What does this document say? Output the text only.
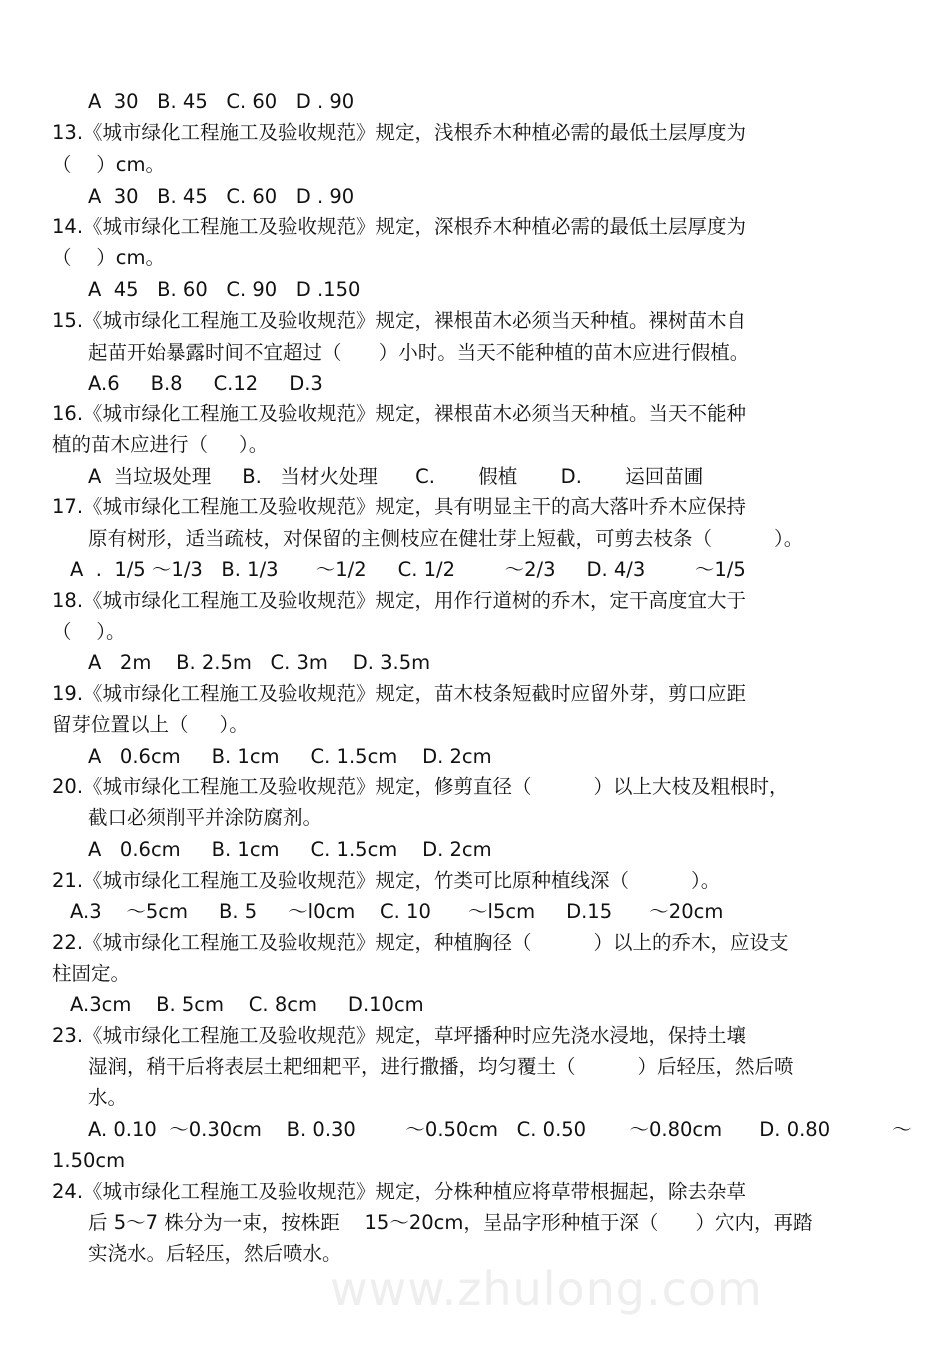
A  30   B. 45   C. 60   D . 90
13.《城市绿化工程施工及验收规范》规定，浅根乔木种植必需的最低土层厚度为
（    ）cm。
A  30   B. 45   C. 60   D . 90
14.《城市绿化工程施工及验收规范》规定，深根乔木种植必需的最低土层厚度为
（    ）cm。
A  45   B. 60   C. 90   D .150
15.《城市绿化工程施工及验收规范》规定，裸根苗木必须当天种植。裸树苗木自
起苗开始暴露时间不宜超过（      ）小时。当天不能种植的苗木应进行假植。
A.6     B.8     C.12     D.3
16.《城市绿化工程施工及验收规范》规定，裸根苗木必须当天种植。当天不能种
植的苗木应进行（     ）。
A  当垃圾处理     B.   当材火处理      C.       假植       D.       运回苗圃
17.《城市绿化工程施工及验收规范》规定，具有明显主干的高大落叶乔木应保持
原有树形，适当疏枝，对保留的主侧枝应在健壮芽上短截，可剪去枝条（          ）。
A  .  1/5 ～1/3   B. 1/3      ～1/2     C. 1/2        ～2/3     D. 4/3        ～1/5
18.《城市绿化工程施工及验收规范》规定，用作行道树的乔木，定干高度宜大于
（    ）。
A   2m    B. 2.5m   C. 3m    D. 3.5m
19.《城市绿化工程施工及验收规范》规定，苗木枝条短截时应留外芽，剪口应距
留芽位置以上（     ）。
A   0.6cm     B. 1cm     C. 1.5cm    D. 2cm
20.《城市绿化工程施工及验收规范》规定，修剪直径（          ）以上大枝及粗根时，
截口必须削平并涂防腐剂。
A   0.6cm     B. 1cm     C. 1.5cm    D. 2cm
21.《城市绿化工程施工及验收规范》规定，竹类可比原种植线深（          ）。
A.3    ～5cm     B. 5     ～l0cm    C. 10      ～l5cm     D.15      ～20cm
22.《城市绿化工程施工及验收规范》规定，种植胸径（          ）以上的乔木，应设支
柱固定。
A.3cm    B. 5cm    C. 8cm     D.10cm
23.《城市绿化工程施工及验收规范》规定，草坪播种时应先浇水浸地，保持土壤
湿润，稍干后将表层土耙细耙平，进行撒播，均匀覆土（          ）后轻压，然后喷
水。
A. 0.10  ～0.30cm    B. 0.30        ～0.50cm   C. 0.50       ～0.80cm      D. 0.80          ～
1.50cm
24.《城市绿化工程施工及验收规范》规定，分株种植应将草带根掘起，除去杂草
后 5～7 株分为一束，按株距    15～20cm，呈品字形种植于深（      ）穴内，再踏
实浇水。后轻压，然后喷水。
www.zhulong.com
